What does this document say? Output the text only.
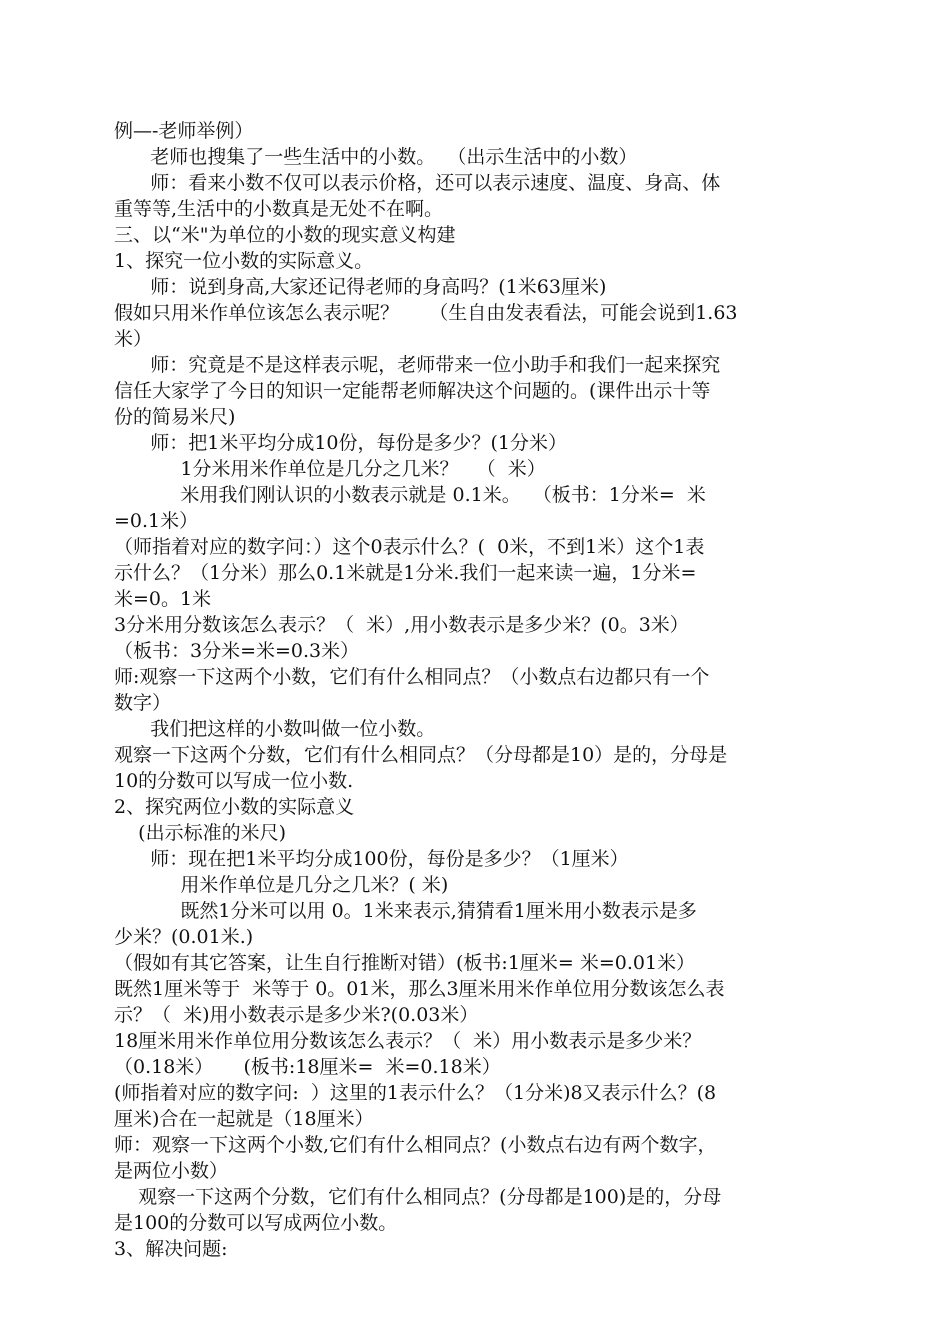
例—-老师举例）
老师也搜集了一些生活中的小数。  （出示生活中的小数）
师：看来小数不仅可以表示价格，还可以表示速度、温度、身高、体
重等等,生活中的小数真是无处不在啊。
三、以“米"为单位的小数的现实意义构建
1、探究一位小数的实际意义。
师：说到身高,大家还记得老师的身高吗？(1米63厘米)
假如只用米作单位该怎么表示呢？     （生自由发表看法，可能会说到1.63
米）
师：究竟是不是这样表示呢，老师带来一位小助手和我们一起来探究
信任大家学了今日的知识一定能帮老师解决这个问题的。(课件出示十等
份的简易米尺)
师：把1米平均分成10份，每份是多少？(1分米）
1分米用米作单位是几分之几米？   （  米）
米用我们刚认识的小数表示就是 0.1米。  （板书：1分米=  米
=0.1米）
（师指着对应的数字问：）这个0表示什么？(  0米，不到1米）这个1表
示什么？（1分米）那么0.1米就是1分米.我们一起来读一遍，1分米=
米=0。1米
3分米用分数该怎么表示？（  米）,用小数表示是多少米？(0。3米）
（板书：3分米=米=0.3米）
师:观察一下这两个小数，它们有什么相同点？（小数点右边都只有一个
数字）
我们把这样的小数叫做一位小数。
观察一下这两个分数，它们有什么相同点？（分母都是10）是的，分母是
10的分数可以写成一位小数.
2、探究两位小数的实际意义
(出示标准的米尺)
师：现在把1米平均分成100份，每份是多少？（1厘米）
用米作单位是几分之几米？( 米)
既然1分米可以用 0。1米来表示,猜猜看1厘米用小数表示是多
少米？(0.01米.)
（假如有其它答案，让生自行推断对错）(板书:1厘米= 米=0.01米）
既然1厘米等于  米等于 0。01米，那么3厘米用米作单位用分数该怎么表
示？（  米)用小数表示是多少米?(0.03米）
18厘米用米作单位用分数该怎么表示？（  米）用小数表示是多少米？
（0.18米）     (板书:18厘米=  米=0.18米）
(师指着对应的数字问:  ）这里的1表示什么？（1分米)8又表示什么？(8
厘米)合在一起就是（18厘米）
师：观察一下这两个小数,它们有什么相同点？(小数点右边有两个数字，
是两位小数）
观察一下这两个分数，它们有什么相同点？(分母都是100)是的，分母
是100的分数可以写成两位小数。
3、解决问题:
